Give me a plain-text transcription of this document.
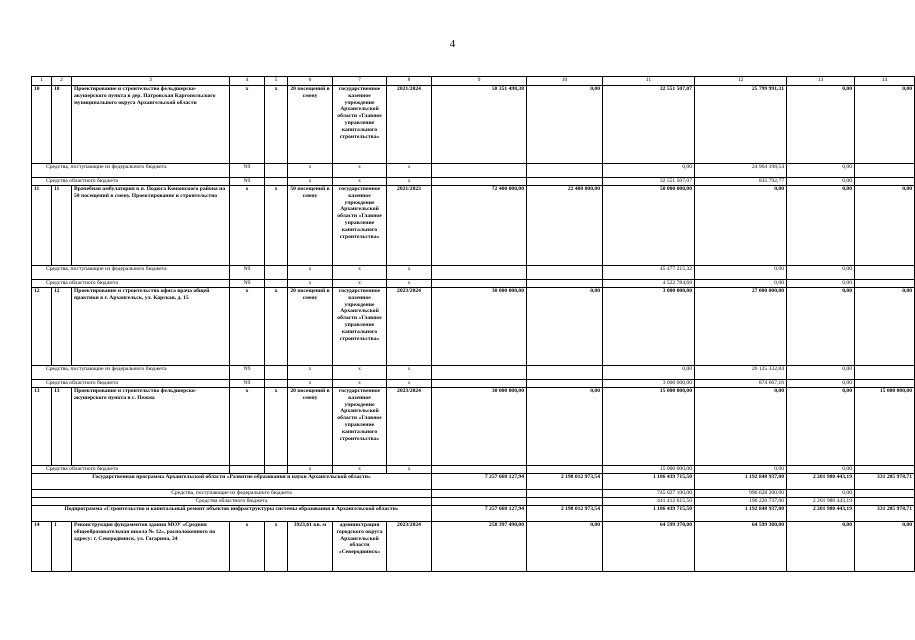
4
1	2	3	4	5	6	7	8	9	10	11	12	13	14
10	10	Проектирование и строительство фельдшерско-акушерского пункта в дер. Патровская Каргопольского муниципального округа Архангельской области	х	х	20 посещений в смену	государственное казенное учреждение Архангельской области «Главное управление капитального строительства»	2021/2024	58 351 498,38	0,00	32 551 507,07	25 799 991,31	0,00	0,00
Средства, поступающие из федерального бюджета			N9		х	х	х			0,00	24 964 198,54	0,00	
Средства областного бюджета			N9		х	х	х			32 551 507,07	835 792,77	0,00	
11	11	Врачебная амбулатория в п. Подюга Коношского района на 50 посещений в смену. Проектирование и строительство	х	х	50 посещений в смену	государственное казенное учреждение Архангельской области «Главное управление капитального строительства»	2021/2023	72 400 000,00	22 400 000,00	50 000 000,00	0,00	0,00	0,00
Средства, поступающие из федерального бюджета			N9		х	х	х			45 477 215,32	0,00	0,00	
Средства областного бюджета			N9		х	х	х			4 522 784,68	0,00	0,00	
12	12	Проектирование и строительство офиса врача общей практики в г. Архангельск, ул. Карская, д. 15	х	х	20 посещений в смену	государственное казенное учреждение Архангельской области «Главное управление капитального строительства»	2023/2024	30 000 000,00	0,00	3 000 000,00	27 000 000,00	0,00	0,00
Средства, поступающие из федерального бюджета			N9		х	х	х			0,00	26 125 332,84	0,00	
Средства областного бюджета			N9		х	х	х			3 000 000,00	874 667,16	0,00	
13	13	Проектирование и строительство фельдшерско-акушерского пункта в с. Пежма	х	х	20 посещений в смену	государственное казенное учреждение Архангельской области «Главное управление капитального строительства»	2023/2024	30 000 000,00	0,00	15 000 000,00	0,00	0,00	15 000 000,00
Средства областного бюджета					х	х	х			15 000 000,00	0,00	0,00	
Государственная программа Архангельской области «Развитие образования и науки Архангельской области»								7 257 668 127,94	2 198 012 973,54	1 186 439 715,50	1 192 848 937,00	2 201 980 443,19	331 285 978,71
Средства, поступающие из федерального бюджета										745 027 100,00	996 628 200,00	0,00	
Средства областного бюджета										441 412 615,50	196 220 737,00	2 201 980 443,19	
Подпрограмма «Строительство и капитальный ремонт объектов инфраструктуры системы образования в Архангельской области»								7 257 668 127,94	2 198 012 973,54	1 186 439 715,50	1 192 848 937,00	2 201 980 443,19	331 285 978,71
14	1	Реконструкция фундаментов здания МОУ «Средняя общеобразовательная школа № 12», расположенного по адресу: г. Северодвинск, ул. Гагарина, 24	х	х	3923,61 кв. м	администрация городского округа Архангельской области «Северодвинск»	2023/2024	258 397 490,00	0,00	64 599 370,00	64 599 380,00	0,00	0,00
